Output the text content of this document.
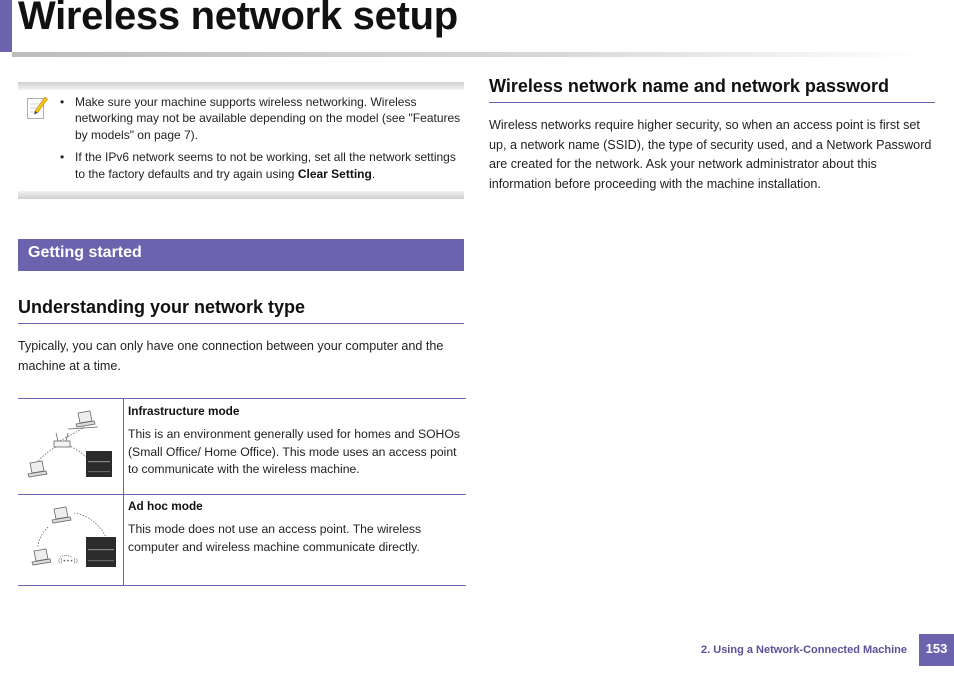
Wireless network setup
• Make sure your machine supports wireless networking. Wireless networking may not be available depending on the model (see "Features by models" on page 7).
• If the IPv6 network seems to not be working, set all the network settings to the factory defaults and try again using Clear Setting.
Getting started
Understanding your network type
Typically, you can only have one connection between your computer and the machine at a time.
Infrastructure mode
This is an environment generally used for homes and SOHOs (Small Office/ Home Office). This mode uses an access point to communicate with the wireless machine.
((•••))
Ad hoc mode
This mode does not use an access point. The wireless computer and wireless machine communicate directly.
Wireless network name and network password
Wireless networks require higher security, so when an access point is first set up, a network name (SSID), the type of security used, and a Network Password are created for the network. Ask your network administrator about this information before proceeding with the machine installation.
2. Using a Network-Connected Machine	153
